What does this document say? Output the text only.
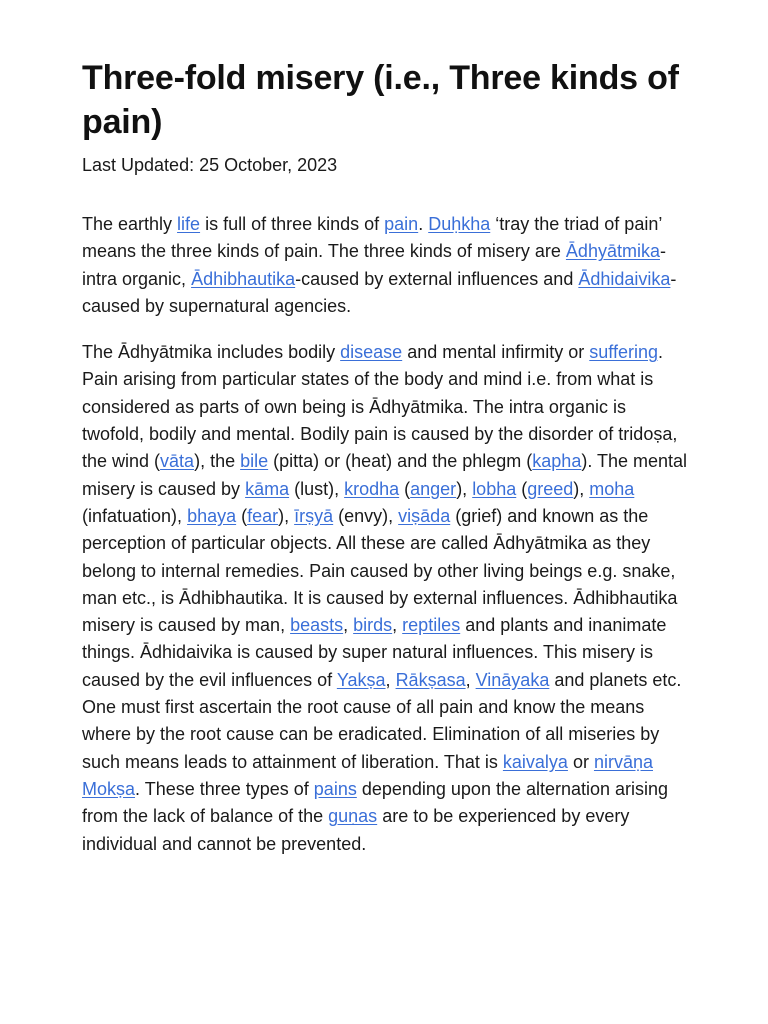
Three-fold misery (i.e., Three kinds of pain)
Last Updated: 25 October, 2023

The earthly life is full of three kinds of pain. Duḥkha ‘tray the triad of pain’ means the three kinds of pain. The three kinds of misery are Ādhyātmika-intra organic, Ādhibhautika-caused by external influences and Ādhidaivika-caused by supernatural agencies.

The Ādhyātmika includes bodily disease and mental infirmity or suffering. Pain arising from particular states of the body and mind i.e. from what is considered as parts of own being is Ādhyātmika. The intra organic is twofold, bodily and mental. Bodily pain is caused by the disorder of tridoṣa, the wind (vāta), the bile (pitta) or (heat) and the phlegm (kapha). The mental misery is caused by kāma (lust), krodha (anger), lobha (greed), moha (infatuation), bhaya (fear), īrṣyā (envy), viṣāda (grief) and known as the perception of particular objects. All these are called Ādhyātmika as they belong to internal remedies. Pain caused by other living beings e.g. snake, man etc., is Ādhibhautika. It is caused by external influences. Ādhibhautika misery is caused by man, beasts, birds, reptiles and plants and inanimate things. Ādhidaivika is caused by super natural influences. This misery is caused by the evil influences of Yakṣa, Rākṣasa, Vināyaka and planets etc. One must first ascertain the root cause of all pain and know the means where by the root cause can be eradicated. Elimination of all miseries by such means leads to attainment of liberation. That is kaivalya or nirvāṇa Mokṣa. These three types of pains depending upon the alternation arising from the lack of balance of the guṇas are to be experienced by every individual and cannot be prevented.
